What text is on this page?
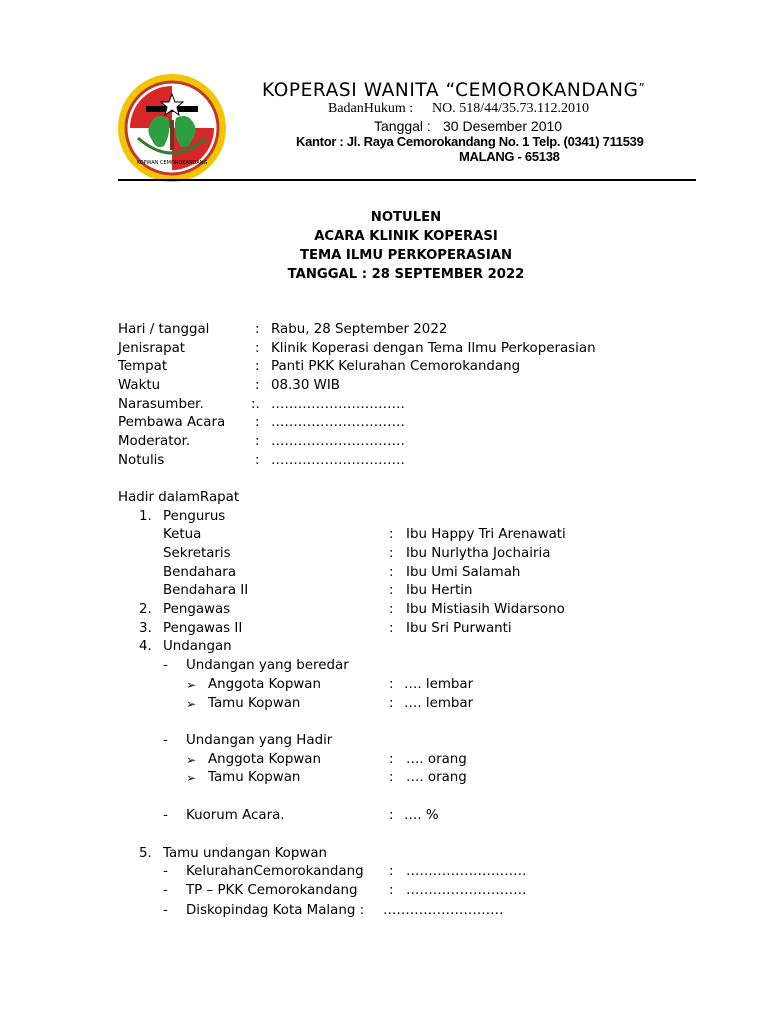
KOPWAN CEMOROKANDANG
KOPERASI WANITA “CEMOROKANDANG”
BadanHukum : NO. 518/44/35.73.112.2010
Tanggal : 30 Desember 2010
Kantor : Jl. Raya Cemorokandang No. 1 Telp. (0341) 711539
MALANG - 65138
NOTULEN
ACARA KLINIK KOPERASI
TEMA ILMU PERKOPERASIAN
TANGGAL : 28 SEPTEMBER 2022
Hari / tanggal	: Rabu, 28 September 2022
Jenisrapat	: Klinik Koperasi dengan Tema Ilmu Perkoperasian
Tempat	: Panti PKK Kelurahan Cemorokandang
Waktu	: 08.30 WIB
Narasumber.	:. …………………………
Pembawa Acara : …………………………
Moderator.	: …………………………
Notulis	: …………………………
Hadir dalamRapat
1. Pengurus
Ketua	: Ibu Happy Tri Arenawati
Sekretaris	: Ibu Nurlytha Jochairia
Bendahara	: Ibu Umi Salamah
Bendahara II	: Ibu Hertin
2. Pengawas	: Ibu Mistiasih Widarsono
3. Pengawas II	: Ibu Sri Purwanti
4. Undangan
- Undangan yang beredar
➢ Anggota Kopwan	: …. lembar
➢ Tamu Kopwan	: …. lembar
- Undangan yang Hadir
➢ Anggota Kopwan	: …. orang
➢ Tamu Kopwan	: …. orang
- Kuorum Acara.	: …. %
5. Tamu undangan Kopwan
- KelurahanCemorokandang : ………………………
- TP – PKK Cemorokandang : ………………………
- Diskopindag Kota Malang : ………………………
